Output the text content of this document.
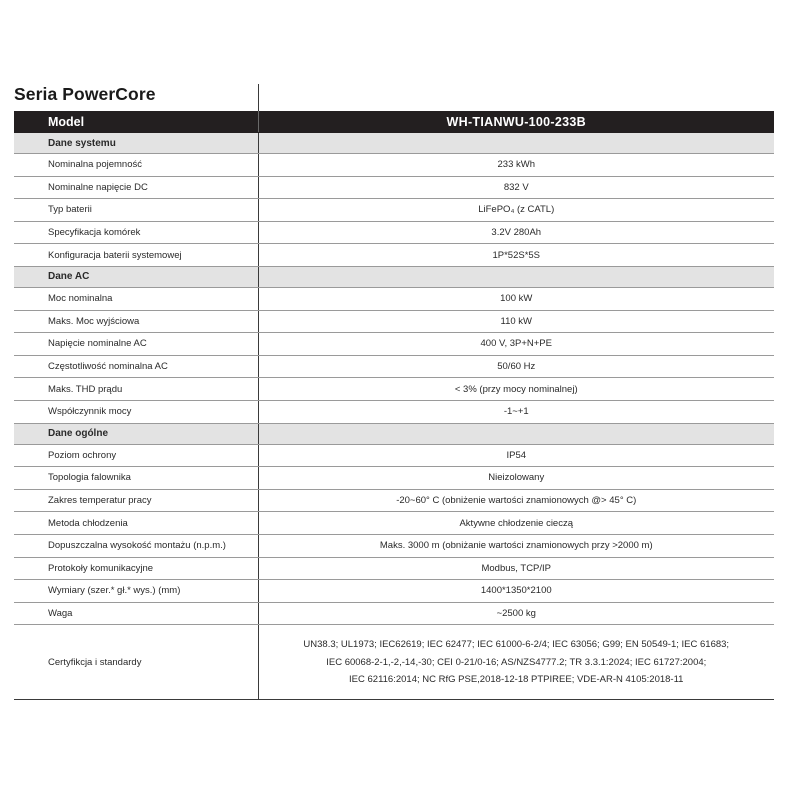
Seria PowerCore
Model	WH-TIANWU-100-233B
Dane systemu	
Nominalna pojemność	233 kWh
Nominalne napięcie DC	832 V
Typ baterii	LiFePO₄ (z CATL)
Specyfikacja komórek	3.2V 280Ah
Konfiguracja baterii systemowej	1P*52S*5S
Dane AC	
Moc nominalna	100 kW
Maks. Moc wyjściowa	110 kW
Napięcie nominalne AC	400 V, 3P+N+PE
Częstotliwość nominalna AC	50/60 Hz
Maks. THD prądu	< 3% (przy mocy nominalnej)
Współczynnik mocy	-1~+1
Dane ogólne	
Poziom ochrony	IP54
Topologia falownika	Nieizolowany
Zakres temperatur pracy	-20~60° C (obniżenie wartości znamionowych @> 45° C)
Metoda chłodzenia	Aktywne chłodzenie cieczą
Dopuszczalna wysokość montażu (n.p.m.)	Maks. 3000 m (obniżanie wartości znamionowych przy >2000 m)
Protokoły komunikacyjne	Modbus, TCP/IP
Wymiary (szer.* gł.* wys.) (mm)	1400*1350*2100
Waga	~2500 kg
Certyfikcja i standardy	UN38.3; UL1973; IEC62619; IEC 62477; IEC 61000-6-2/4; IEC 63056; G99; EN 50549-1; IEC 61683;
IEC 60068-2-1,-2,-14,-30; CEI 0-21/0-16; AS/NZS4777.2; TR 3.3.1:2024; IEC 61727:2004;
IEC 62116:2014; NC RfG PSE,2018-12-18 PTPIREE; VDE-AR-N 4105:2018-11
